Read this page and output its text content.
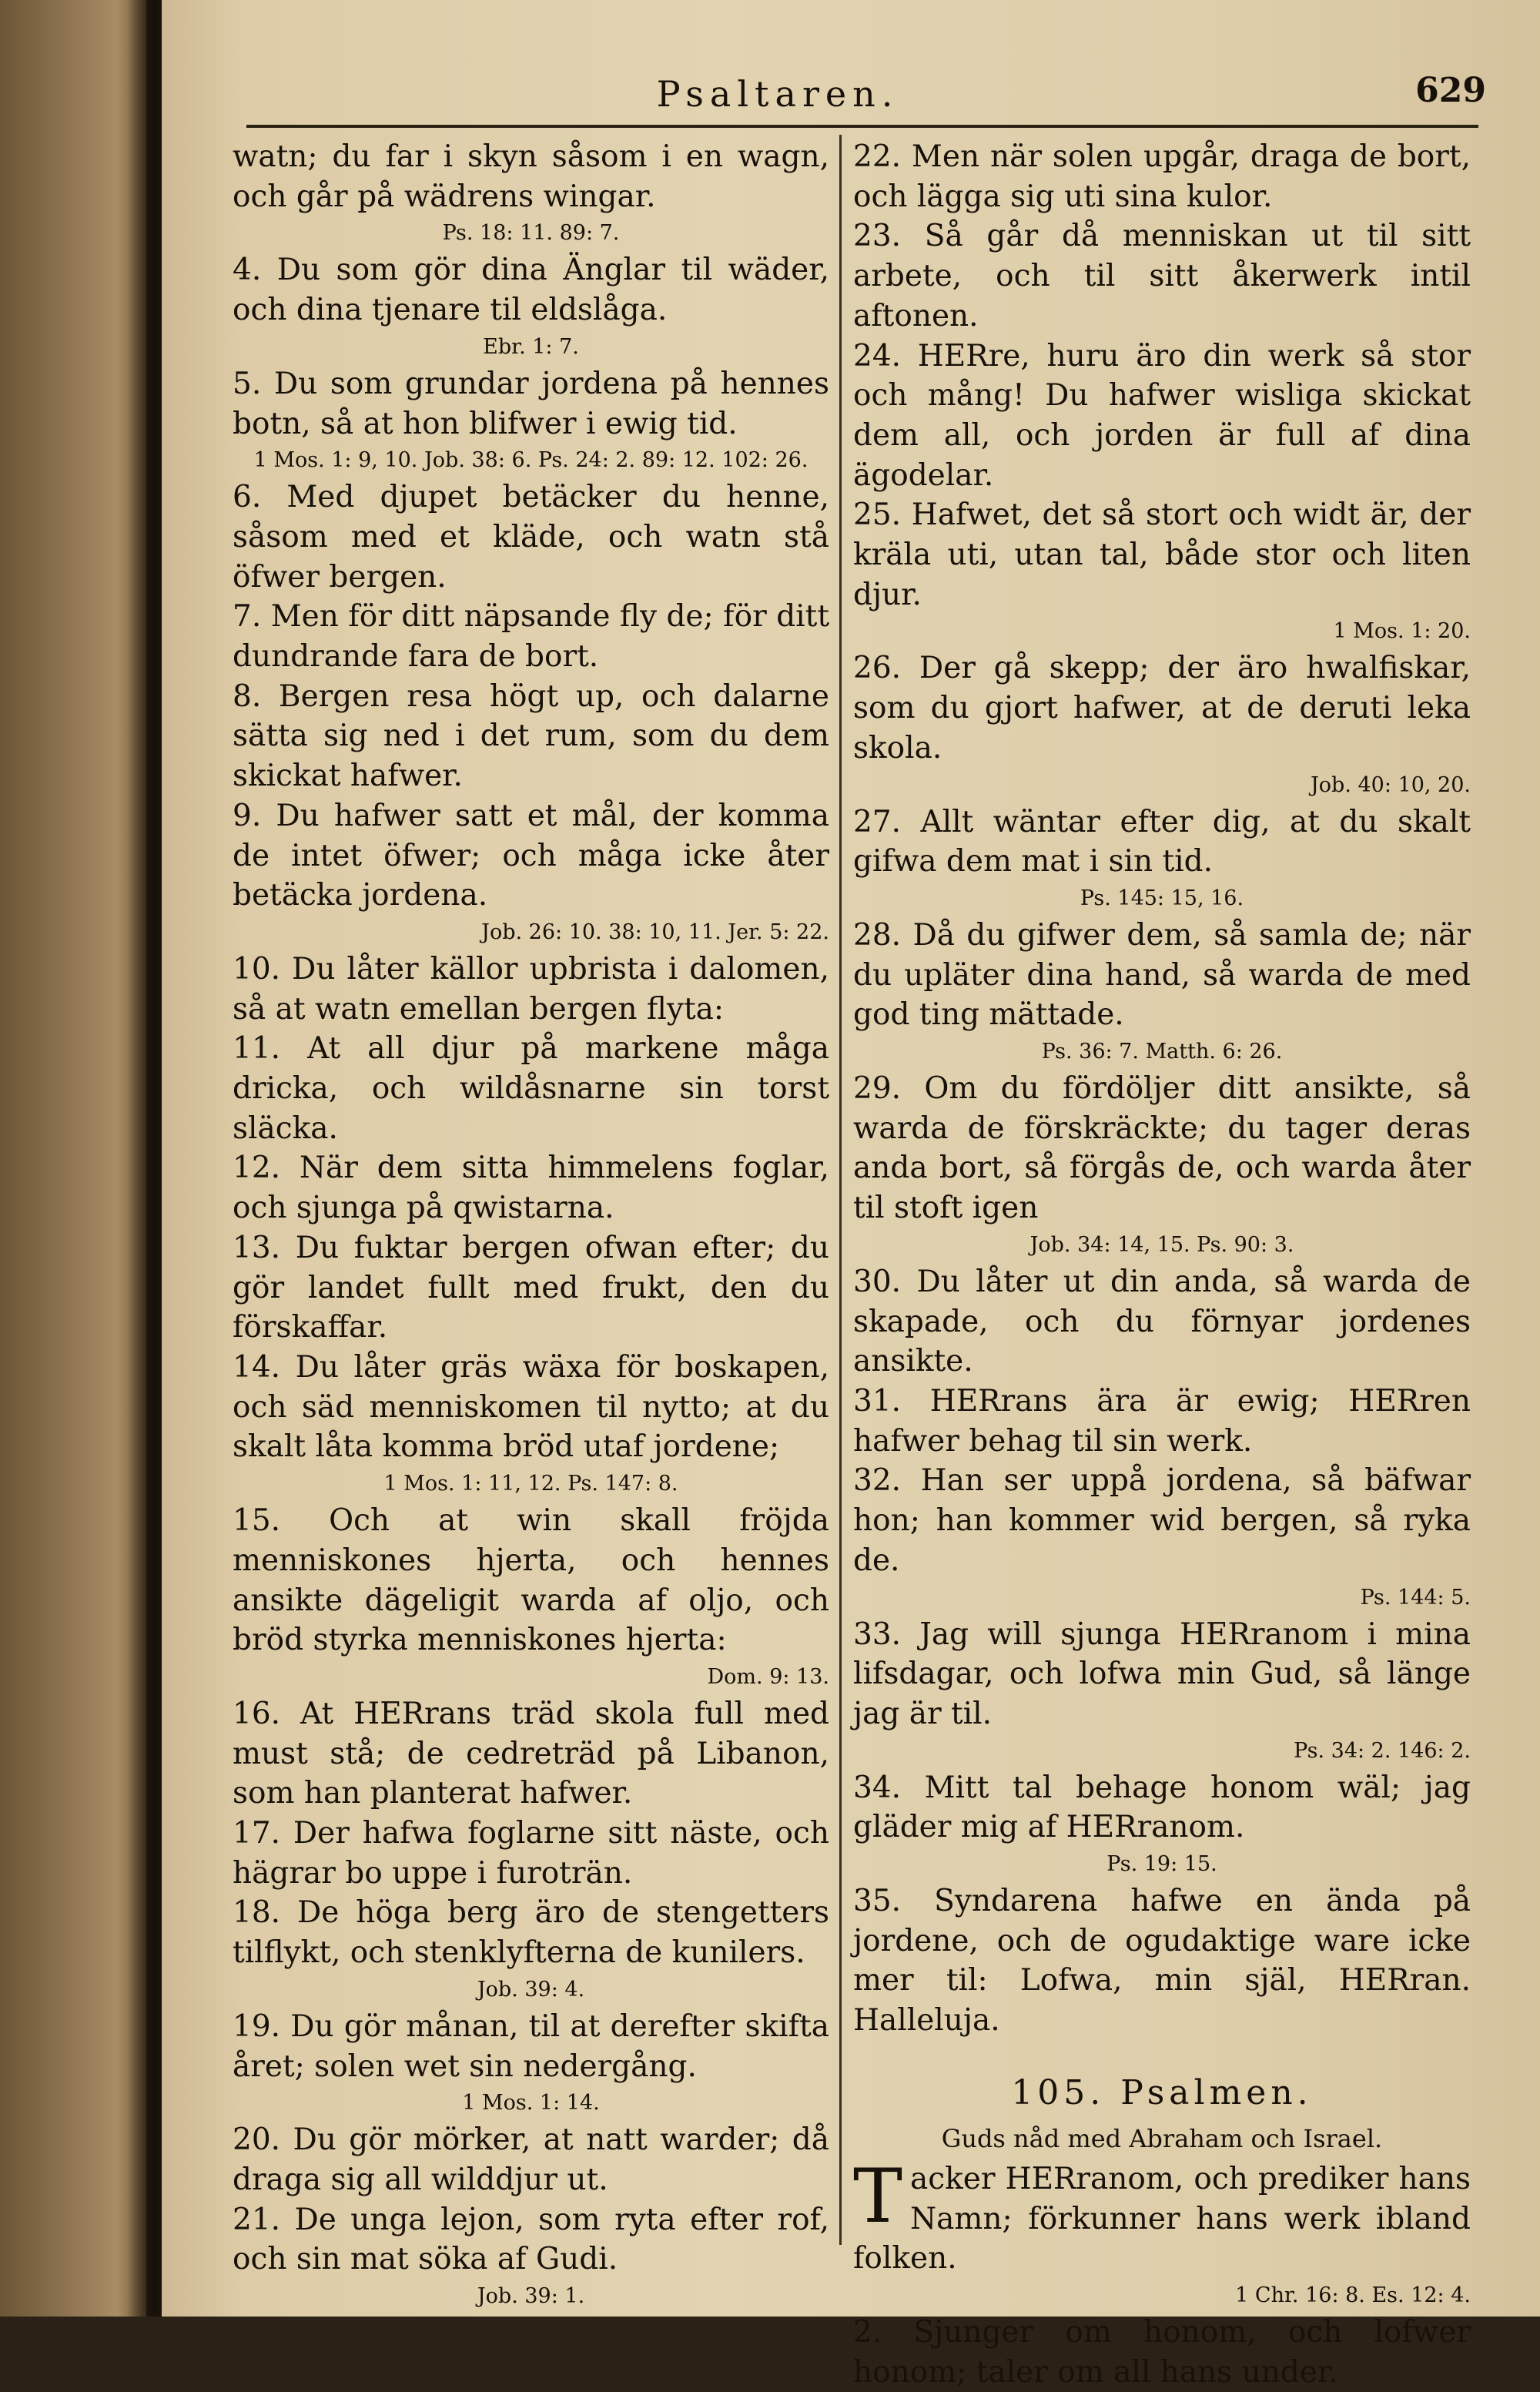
Psaltaren.	629
watn; du far i skyn såsom i en wagn, och går på wädrens wingar.
Ps. 18: 11. 89: 7.
4. Du som gör dina Änglar til wäder, och dina tjenare til eldslåga.
Ebr. 1: 7.
5. Du som grundar jordena på hennes botn, så at hon blifwer i ewig tid.
1 Mos. 1: 9, 10. Job. 38: 6. Ps. 24: 2. 89: 12. 102: 26.
6. Med djupet betäcker du henne, såsom med et kläde, och watn stå öfwer bergen.
7. Men för ditt näpsande fly de; för ditt dundrande fara de bort.
8. Bergen resa högt up, och dalarne sätta sig ned i det rum, som du dem skickat hafwer.
9. Du hafwer satt et mål, der komma de intet öfwer; och måga icke åter betäcka jordena.
Job. 26: 10. 38: 10, 11. Jer. 5: 22.
10. Du låter källor upbrista i dalomen, så at watn emellan bergen flyta:
11. At all djur på markene måga dricka, och wildåsnarne sin torst släcka.
12. När dem sitta himmelens foglar, och sjunga på qwistarna.
13. Du fuktar bergen ofwan efter; du gör landet fullt med frukt, den du förskaffar.
14. Du låter gräs wäxa för boskapen, och säd menniskomen til nytto; at du skalt låta komma bröd utaf jordene;
1 Mos. 1: 11, 12. Ps. 147: 8.
15. Och at win skall fröjda menniskones hjerta, och hennes ansikte dägeligit warda af oljo, och bröd styrka menniskones hjerta:
Dom. 9: 13.
16. At HERrans träd skola full med must stå; de cedreträd på Libanon, som han planterat hafwer.
17. Der hafwa foglarne sitt näste, och hägrar bo uppe i furoträn.
18. De höga berg äro de stengetters tilflykt, och stenklyfterna de kunilers.
Job. 39: 4.
19. Du gör månan, til at derefter skifta året; solen wet sin nedergång.
1 Mos. 1: 14.
20. Du gör mörker, at natt warder; då draga sig all wilddjur ut.
21. De unga lejon, som ryta efter rof, och sin mat söka af Gudi.
Job. 39: 1.
22. Men när solen upgår, draga de bort, och lägga sig uti sina kulor.
23. Så går då menniskan ut til sitt arbete, och til sitt åkerwerk intil aftonen.
24. HERre, huru äro din werk så stor och mång! Du hafwer wisliga skickat dem all, och jorden är full af dina ägodelar.
25. Hafwet, det så stort och widt är, der kräla uti, utan tal, både stor och liten djur.
1 Mos. 1: 20.
26. Der gå skepp; der äro hwalfiskar, som du gjort hafwer, at de deruti leka skola.
Job. 40: 10, 20.
27. Allt wäntar efter dig, at du skalt gifwa dem mat i sin tid.
Ps. 145: 15, 16.
28. Då du gifwer dem, så samla de; när du upläter dina hand, så warda de med god ting mättade.
Ps. 36: 7. Matth. 6: 26.
29. Om du fördöljer ditt ansikte, så warda de förskräckte; du tager deras anda bort, så förgås de, och warda åter til stoft igen
Job. 34: 14, 15. Ps. 90: 3.
30. Du låter ut din anda, så warda de skapade, och du förnyar jordenes ansikte.
31. HERrans ära är ewig; HERren hafwer behag til sin werk.
32. Han ser uppå jordena, så bäfwar hon; han kommer wid bergen, så ryka de.
Ps. 144: 5.
33. Jag will sjunga HERranom i mina lifsdagar, och lofwa min Gud, så länge jag är til.
Ps. 34: 2. 146: 2.
34. Mitt tal behage honom wäl; jag gläder mig af HERranom.
Ps. 19: 15.
35. Syndarena hafwe en ända på jordene, och de ogudaktige ware icke mer til: Lofwa, min själ, HERran. Halleluja.
105. Psalmen.
Guds nåd med Abraham och Israel.
Tacker HERranom, och prediker hans Namn; förkunner hans werk ibland folken.
1 Chr. 16: 8. Es. 12: 4.
2. Sjunger om honom, och lofwer honom; taler om all hans under.
